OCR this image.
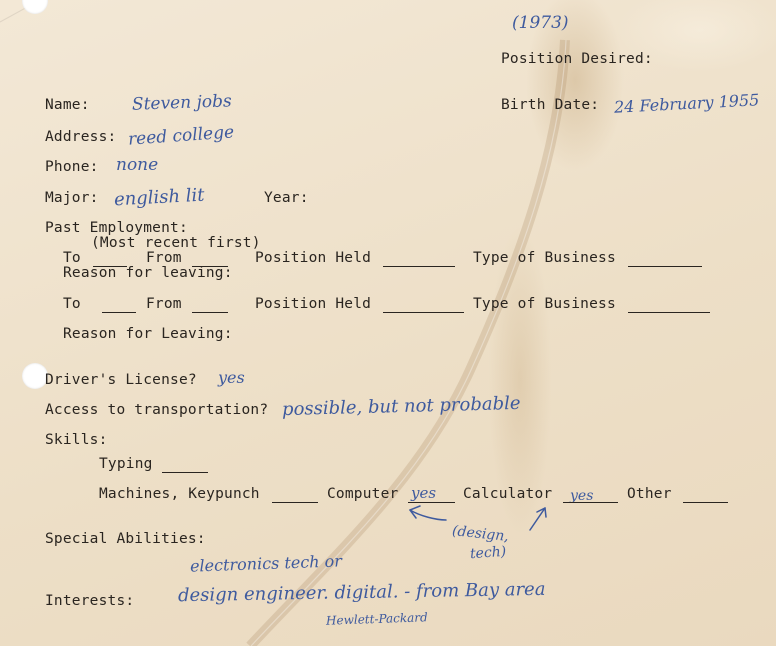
(1973)
Position Desired:
Name: Steven jobs	Birth Date: 24 February 1955
Address: reed college
Phone: none
Major: english lit	Year:
Past Employment:
(Most recent first)
To	From	Position Held	Type of Business
Reason for leaving:
To	From	Position Held	Type of Business
Reason for Leaving:
Driver's License? yes
Access to transportation? possible, but not probable
Skills:
Typing
Machines, Keypunch	Computer yes Calculator yes Other
Special Abilities:	(design,
tech)
electronics tech or
Interests: design engineer. digital. - from Bay area
Hewlett-Packard
